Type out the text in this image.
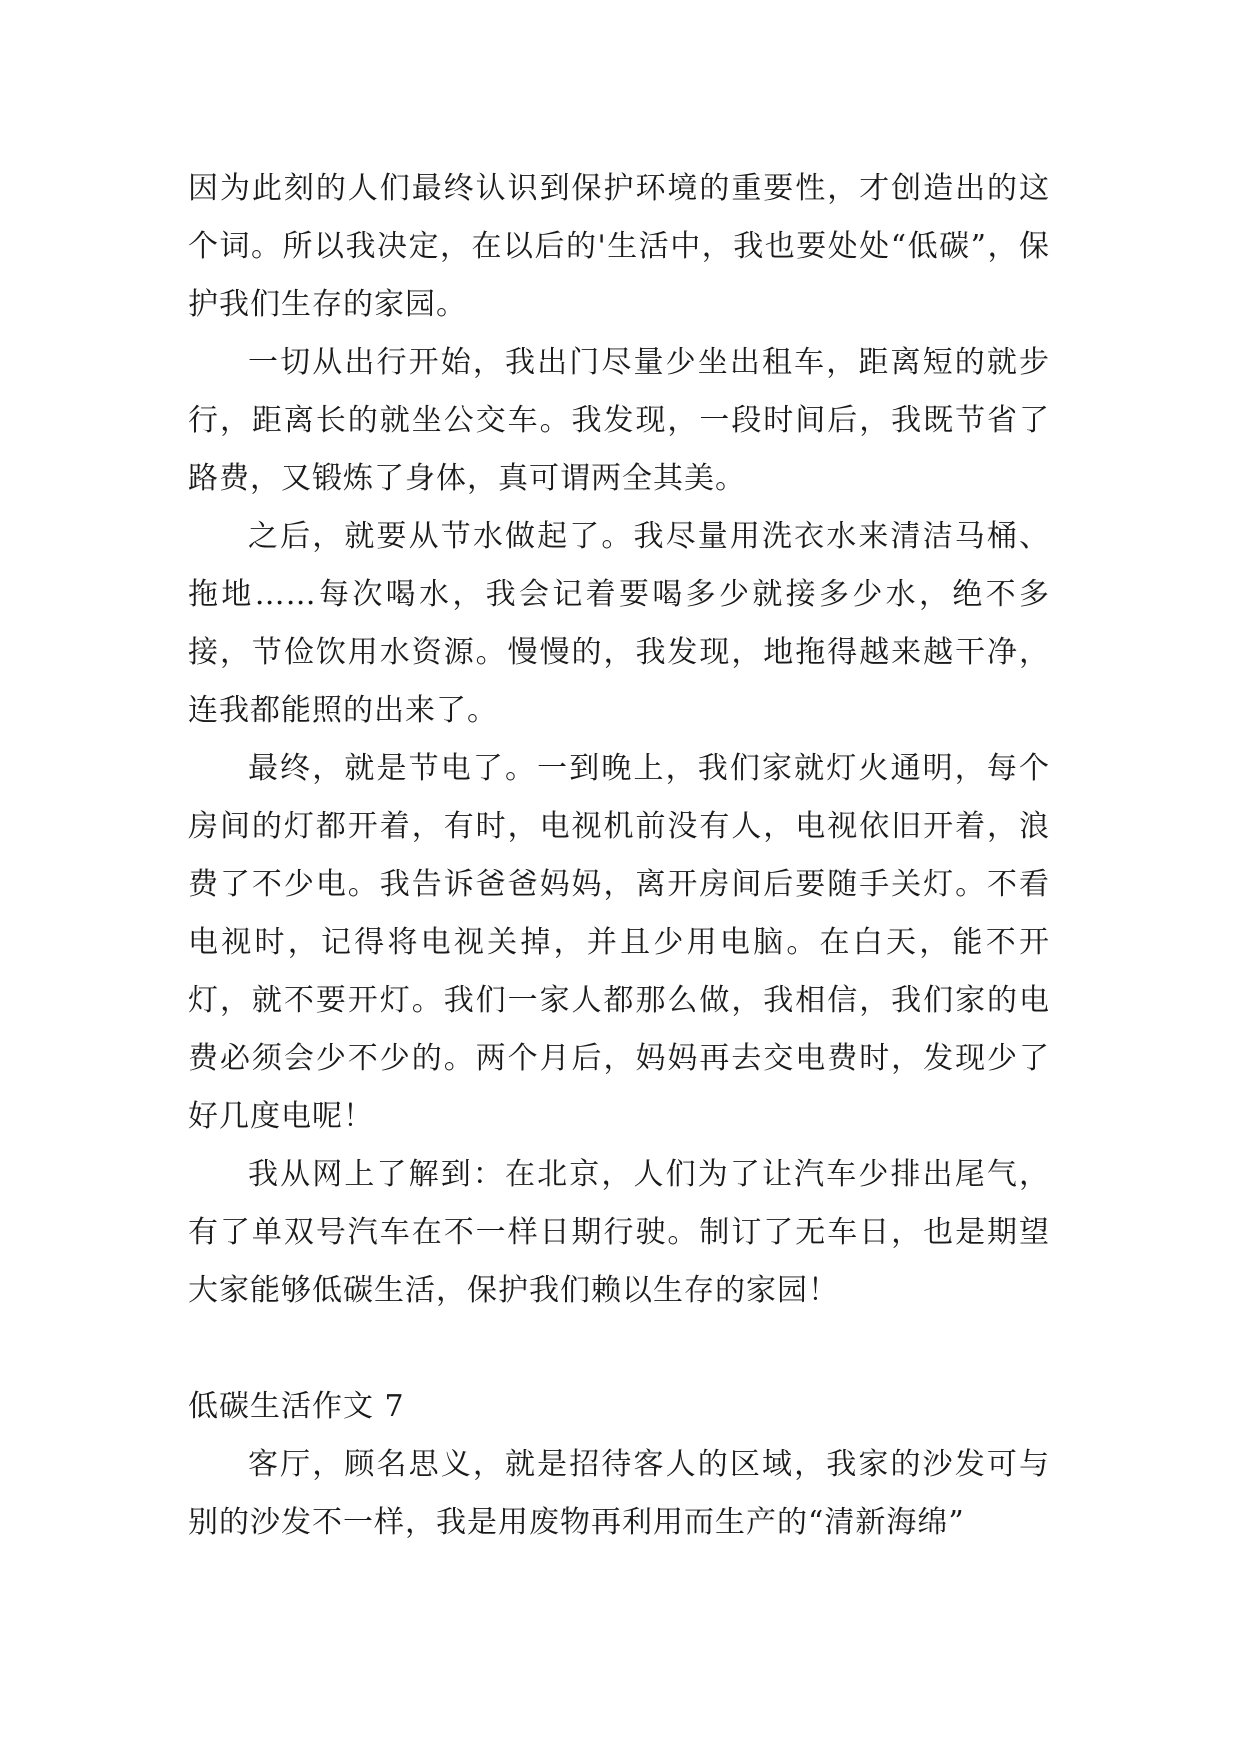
因为此刻的人们最终认识到保护环境的重要性，才创造出的这个词。所以我决定，在以后的'生活中，我也要处处“低碳”，保护我们生存的家园。

一切从出行开始，我出门尽量少坐出租车，距离短的就步行，距离长的就坐公交车。我发现，一段时间后，我既节省了路费，又锻炼了身体，真可谓两全其美。

之后，就要从节水做起了。我尽量用洗衣水来清洁马桶、拖地……每次喝水，我会记着要喝多少就接多少水，绝不多接，节俭饮用水资源。慢慢的，我发现，地拖得越来越干净，连我都能照的出来了。

最终，就是节电了。一到晚上，我们家就灯火通明，每个房间的灯都开着，有时，电视机前没有人，电视依旧开着，浪费了不少电。我告诉爸爸妈妈，离开房间后要随手关灯。不看电视时，记得将电视关掉，并且少用电脑。在白天，能不开灯，就不要开灯。我们一家人都那么做，我相信，我们家的电费必须会少不少的。两个月后，妈妈再去交电费时，发现少了好几度电呢！

我从网上了解到：在北京，人们为了让汽车少排出尾气，有了单双号汽车在不一样日期行驶。制订了无车日，也是期望大家能够低碳生活，保护我们赖以生存的家园！

低碳生活作文 7

客厅，顾名思义，就是招待客人的区域，我家的沙发可与别的沙发不一样，我是用废物再利用而生产的“清新海绵”
